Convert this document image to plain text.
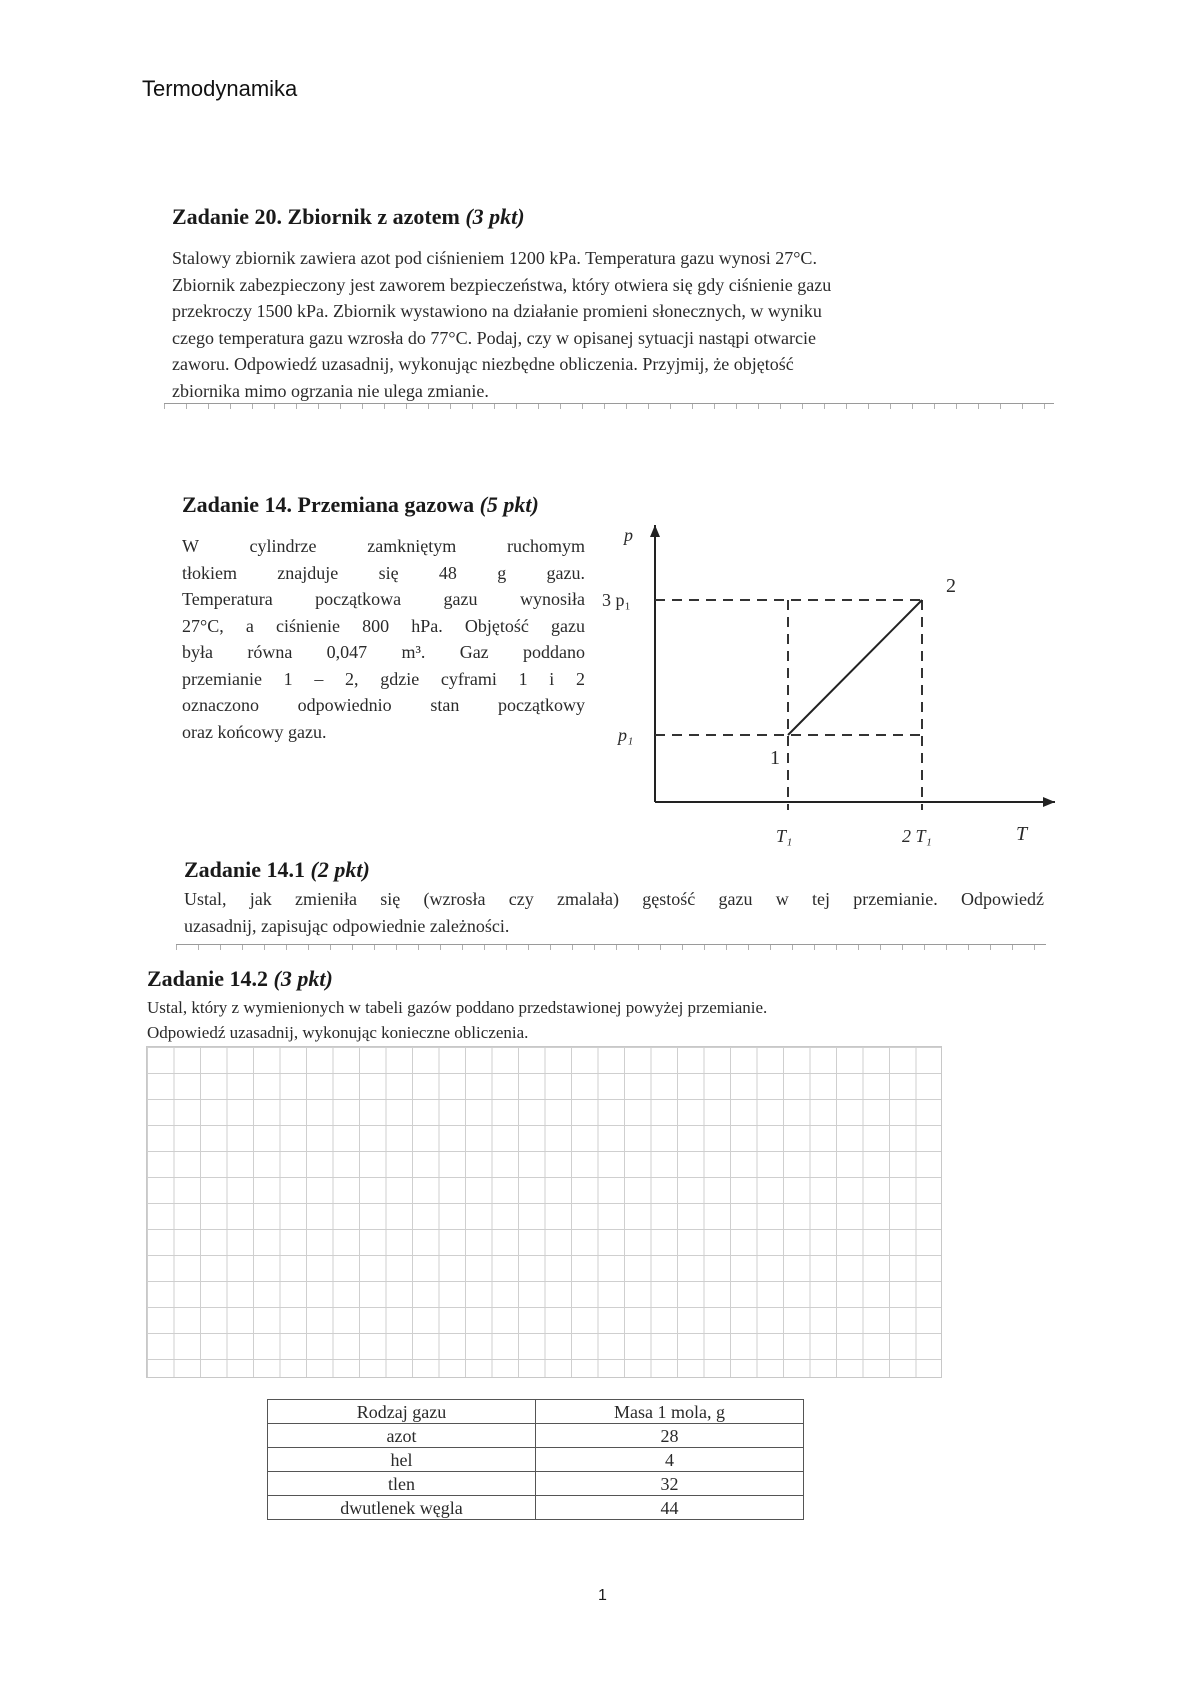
Termodynamika
Zadanie 20. Zbiornik z azotem (3 pkt)
Stalowy zbiornik zawiera azot pod ciśnieniem 1200 kPa. Temperatura gazu wynosi 27°C.
Zbiornik zabezpieczony jest zaworem bezpieczeństwa, który otwiera się gdy ciśnienie gazu
przekroczy 1500 kPa. Zbiornik wystawiono na działanie promieni słonecznych, w wyniku
czego temperatura gazu wzrosła do 77°C. Podaj, czy w opisanej sytuacji nastąpi otwarcie
zaworu. Odpowiedź uzasadnij, wykonując niezbędne obliczenia. Przyjmij, że objętość
zbiornika mimo ogrzania nie ulega zmianie.
Zadanie 14. Przemiana gazowa (5 pkt)
W cylindrze zamkniętym ruchomym
tłokiem znajduje się 48 g gazu.
Temperatura początkowa gazu wynosiła
27°C, a ciśnienie 800 hPa. Objętość gazu
była równa 0,047 m³. Gaz poddano
przemianie 1 – 2, gdzie cyframi 1 i 2
oznaczono odpowiednio stan początkowy
oraz końcowy gazu.
p
3 p₁
p₁
2
1
T₁	2 T₁	T
Zadanie 14.1 (2 pkt)
Ustal, jak zmieniła się (wzrosła czy zmalała) gęstość gazu w tej przemianie. Odpowiedź
uzasadnij, zapisując odpowiednie zależności.
Zadanie 14.2 (3 pkt)
Ustal, który z wymienionych w tabeli gazów poddano przedstawionej powyżej przemianie.
Odpowiedź uzasadnij, wykonując konieczne obliczenia.
Rodzaj gazu	Masa 1 mola, g
azot	28
hel	4
tlen	32
dwutlenek węgla	44
1
